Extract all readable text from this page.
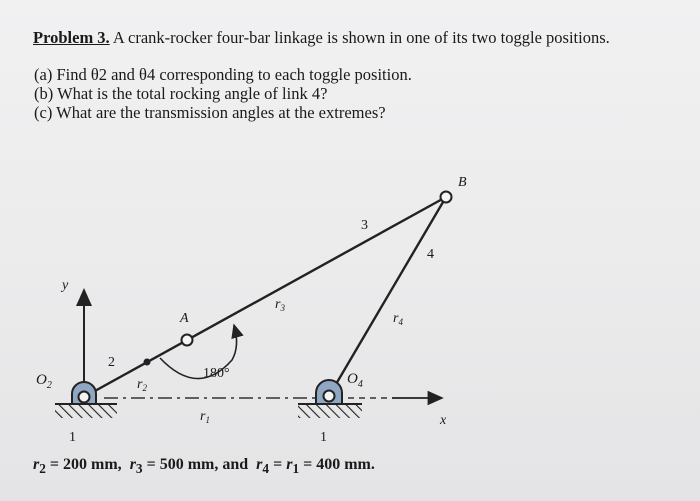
Problem 3. A crank-rocker four-bar linkage is shown in one of its two toggle positions.
(a) Find θ2 and θ4 corresponding to each toggle position.
(b) What is the total rocking angle of link 4?
(c) What are the transmission angles at the extremes?
B
A
y
x
$O_2$	$O_4$
2
3
4
$r_2$
$r_3$
$r_4$
$r_1$
180°
1	1
$r_2 = 200$ mm,  $r_3 = 500$ mm, and  $r_4 = r_1 = 400$ mm.
